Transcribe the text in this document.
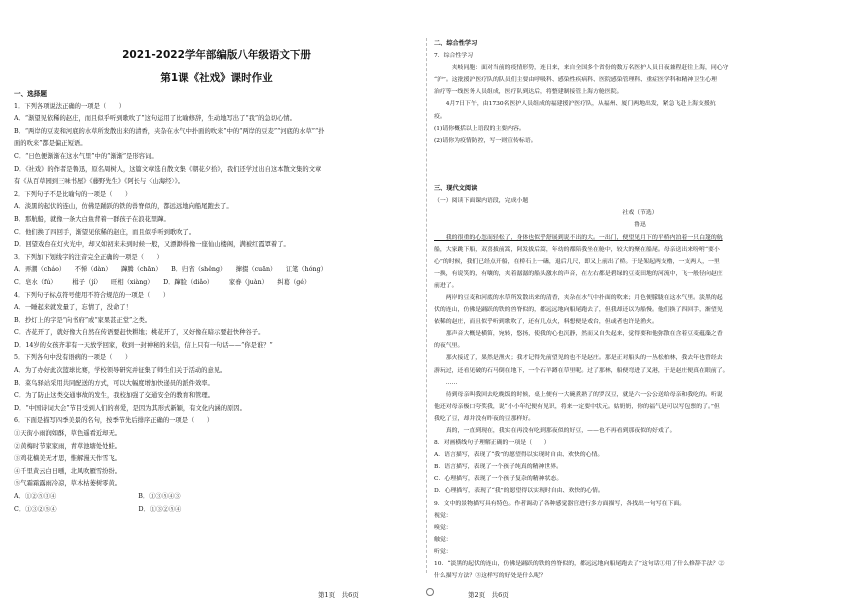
2021-2022学年部编版八年级语文下册
第1课《社戏》课时作业
一、选择题
1．下列各项说法正确的一项是（　　）
A．“渐望见依稀的赵庄，而且似乎听到歌吹了”这句运用了比喻修辞，生动地写出了“我”的急切心情。
B．“两岸的豆麦和河底的水草所发散出来的清香，夹杂在水气中扑面的吹来”中的“两岸的豆麦”“河底的水草”“扑
面的吹来”都是偏正短语。
C．“日色便渐渐在这水气里”中的“渐渐”是形容词。
D．《社戏》的作者是鲁迅，原名周树人，这篇文章选自散文集《朝花夕拾》，我们还学过出自这本散文集的文章
有《从百草园到三味书屋》《藤野先生》《阿长与〈山海经〉》。
2．下列句子不是比喻句的一项是（　　）
A．淡黑的起伏的连山，仿佛是踊跃的铁的兽脊似的，都远远地向船尾跑去了。
B．那航船，就像一条大白鱼背着一群孩子在浪花里蹿。
C．他们换了四回手，渐望见依稀的赵庄，而且似乎听到歌吹了。
D．回望戏台在灯火光中，却又如初来未到时候一般，又漂渺得像一座仙山楼阁，满被红霞罩着了。
3．下列加下划线字的注音完全正确的一项是（　　）
A．弄潮（cháo）　　不惮（dàn）　　蹿腾（chān）　　B．归省（shěng）　　撺掇（cuān）　　讧笔（hóng）
C．皂水（fú）　　　楫子（jí）　　旺相（xiàng）　　D．蹿脸（diǎo）　　　家眷（juàn）　　纠葛（gé）
4．下列句子标点符号使用不符合规范的一项是（　　）
A．一睡起来就发量了，忘情了，没命了！
B．抄灯上的字是“向书府”或“家果甚正堂”之类。
C．杏花开了，就好像大自然在传语要赶快耕地；桃花开了，又好像在暗示要赶快种谷子。
D．14岁的女孩齐菲有一天放学回家，收到一封神秘的来信，信上只有一句话——“你是谁？”
5．下列各句中没有语病的一项是（　　）
A．为了办好此次篮球比赛，学校领导研究并征集了师生们关于活动的意见。
B．菜鸟驿站采用共同配送的方式，可以大幅度增加快递员的派件效率。
C．为了防止这类交通事故的发生，我校加强了交通安全的教育和管理。
D．“中国诗词大会”节目受到人们的喜爱，是因为其形式新颖，有文化内涵的原因。
6．下面是描写四季美景的名句，按季节先后排序正确的一项是（　　）
①天街小雨润如酥，草色遥看近却无。
②黄梅时节家家雨，青草池塘处处蛙。
③鸡花楠美无才思，惟解漫天作雪飞。
④千里黄云白日曛，北风吹雁雪纷纷。
⑤气霜霜露雨冷凉，草木枯萎树零黄。
A．①②⑤③④　　　　　　　　　　　　　B．①③⑤④③
C．①③②⑤④　　　　　　　　　　　　　D．①③②⑤④
二、综合性学习
7．综合性学习
　　　夹岐同胞：面对当前的疫情形势，连日来，来自全国多个省份的数万名医护人员日夜兼程赶往上海，同心守
“沪”。这批援沪医疗队的队员们主要由呼吸科、感染性疾病科、医院感染管理科、重症医学科和精神卫生心理
治疗等一线医务人员组成，医疗队到达后，将整建制接管上海方舱医院。
　　4月7日下午，由1730名医护人员组成的福建援沪医疗队，从福州、厦门两地出发，紧急飞赴上海支援抗
疫。
(1)请你概括以上语段的主要内容。
(2)请你为疫情防控，写一则宣传标语。
三、现代文阅读
（一）阅读下面课内语段，完成小题
社戏（节选）
鲁迅
　　我的很重的心忽而轻松了，身体也似乎舒展到说不出的大。一出门，便望见月下的平桥内泊着一只白篷的航
船，大家跳下船，双喜拔前篙，阿发拔后篙，年幼的都陪我坐在舱中，较大的聚在船尾。母亲送出来吩咐“要小
心”的时候，我们已经点开船，在桥石上一磕，退后几尺，即又上前出了桥。于是架起两支橹，一支两人，一里
一换，有说笑的，有嚷的，夹着潺潺的船头激水的声音，在左右都是碧绿的豆麦田地的河流中，飞一般径向赵庄
前进了。
　　两岸的豆麦和河底的水草所发散出来的清香，夹杂在水气中扑面的吹来；月色便朦胧在这水气里。淡黑的起
伏的连山，仿佛是踊跃的铁的兽脊似的，都远远地向船尾跑去了，但我却还以为船慢。他们换了四回手，渐望见
依稀的赵庄，而且似乎听到歌吹了，还有几点火，料想便是戏台，但或者也许是渔火。
　　那声音大概是横笛，宛转，悠扬，使我的心也沉静，然而又自失起来，觉得要和他弥散在含着豆麦蕴藻之香
的夜气里。
　　那火接近了，果然是渔火；我才记得先前望见的也不是赵庄。那是正对船头的一丛松柏林，我去年也曾经去
游玩过，还看见破的石马倒在地下，一个石羊蹲在草里呢。过了那林，船便弯进了叉港，于是赵庄便真在眼前了。
　　……
　　待到母亲叫我回去吃晚饭的时候，桌上便有一大碗煮熟了的罗汉豆，就是六一公公送给母亲和我吃的。听说
他还对母亲极口夸奖我，说“小小年纪便有见识，将来一定要中状元。姑奶奶，你的福气是可以写包票的了。”但
我吃了豆，却并没有昨夜的豆那样好。
　　真的，一直到现在，我实在再没有吃到那夜似的好豆，——也不再看到那夜似的好戏了。
8．对画横线句子理解正确的一项是（　　）
A．语言描写，表现了“我”的愿望得以实现时自由、欢快的心情。
B．语言描写，表现了一个孩子纯真的精神世界。
C．心理描写，表现了一个孩子复杂的精神状态。
D．心理描写，表现了“我”的愿望得以实现时自由、欢快的心情。
9．文中的景物描写具有特色。作者调动了各种感觉器官进行多方面描写，各找出一句写在下面。
视觉：
嗅觉：
触觉：
听觉：
10．“淡黑的起伏的连山，仿佛是踊跃的铁的兽脊似的，都远远地向船尾跑去了”这句话①用了什么修辞手法？②
什么描写方法？③这样写的好处是什么呢？
第1页　共6页	第2页　共6页
